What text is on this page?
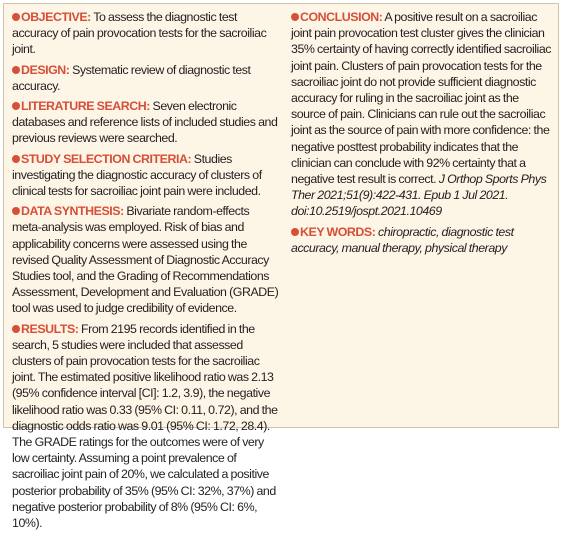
OBJECTIVE: To assess the diagnostic test accuracy of pain provocation tests for the sacroiliac joint.

DESIGN: Systematic review of diagnostic test accuracy.

LITERATURE SEARCH: Seven electronic databases and reference lists of included studies and previous reviews were searched.

STUDY SELECTION CRITERIA: Studies investigating the diagnostic accuracy of clusters of clinical tests for sacroiliac joint pain were included.

DATA SYNTHESIS: Bivariate random-effects meta-analysis was employed. Risk of bias and applicability concerns were assessed using the revised Quality Assessment of Diagnostic Accuracy Studies tool, and the Grading of Recommendations Assessment, Development and Evaluation (GRADE) tool was used to judge credibility of evidence.

RESULTS: From 2195 records identified in the search, 5 studies were included that assessed clusters of pain provocation tests for the sacroiliac joint. The estimated positive likelihood ratio was 2.13 (95% confidence interval [CI]: 1.2, 3.9), the negative likelihood ratio was 0.33 (95% CI: 0.11, 0.72), and the diagnostic odds ratio was 9.01 (95% CI: 1.72, 28.4). The GRADE ratings for the outcomes were of very low certainty. Assuming a point prevalence of sacroiliac joint pain of 20%, we calculated a positive posterior probability of 35% (95% CI: 32%, 37%) and negative posterior probability of 8% (95% CI: 6%, 10%).

CONCLUSION: A positive result on a sacroiliac joint pain provocation test cluster gives the clinician 35% certainty of having correctly identified sacroiliac joint pain. Clusters of pain provocation tests for the sacroiliac joint do not provide sufficient diagnostic accuracy for ruling in the sacroiliac joint as the source of pain. Clinicians can rule out the sacroiliac joint as the source of pain with more confidence: the negative posttest probability indicates that the clinician can conclude with 92% certainty that a negative test result is correct. J Orthop Sports Phys Ther 2021;51(9):422-431. Epub 1 Jul 2021. doi:10.2519/jospt.2021.10469

KEY WORDS: chiropractic, diagnostic test accuracy, manual therapy, physical therapy
